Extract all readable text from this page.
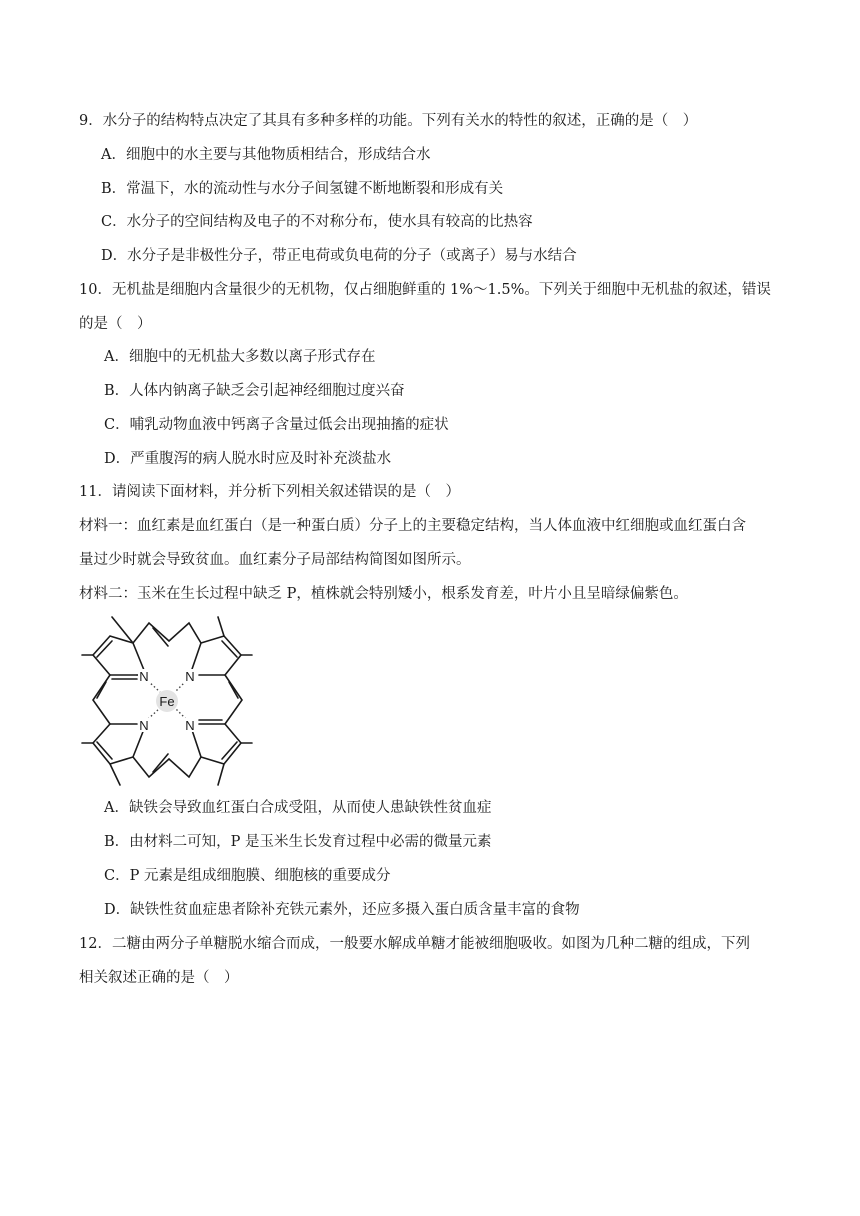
9．水分子的结构特点决定了其具有多种多样的功能。下列有关水的特性的叙述，正确的是（　）
A．细胞中的水主要与其他物质相结合，形成结合水
B．常温下，水的流动性与水分子间氢键不断地断裂和形成有关
C．水分子的空间结构及电子的不对称分布，使水具有较高的比热容
D．水分子是非极性分子，带正电荷或负电荷的分子（或离子）易与水结合
10．无机盐是细胞内含量很少的无机物，仅占细胞鲜重的 1%～1.5%。下列关于细胞中无机盐的叙述，错误
的是（　）
A．细胞中的无机盐大多数以离子形式存在
B．人体内钠离子缺乏会引起神经细胞过度兴奋
C．哺乳动物血液中钙离子含量过低会出现抽搐的症状
D．严重腹泻的病人脱水时应及时补充淡盐水
11．请阅读下面材料，并分析下列相关叙述错误的是（　）
材料一：血红素是血红蛋白（是一种蛋白质）分子上的主要稳定结构，当人体血液中红细胞或血红蛋白含
量过少时就会导致贫血。血红素分子局部结构简图如图所示。
材料二：玉米在生长过程中缺乏 P，植株就会特别矮小，根系发育差，叶片小且呈暗绿偏紫色。
Fe
N	N
N	N
A．缺铁会导致血红蛋白合成受阻，从而使人患缺铁性贫血症
B．由材料二可知，P 是玉米生长发育过程中必需的微量元素
C．P 元素是组成细胞膜、细胞核的重要成分
D．缺铁性贫血症患者除补充铁元素外，还应多摄入蛋白质含量丰富的食物
12．二糖由两分子单糖脱水缩合而成，一般要水解成单糖才能被细胞吸收。如图为几种二糖的组成，下列
相关叙述正确的是（　）
